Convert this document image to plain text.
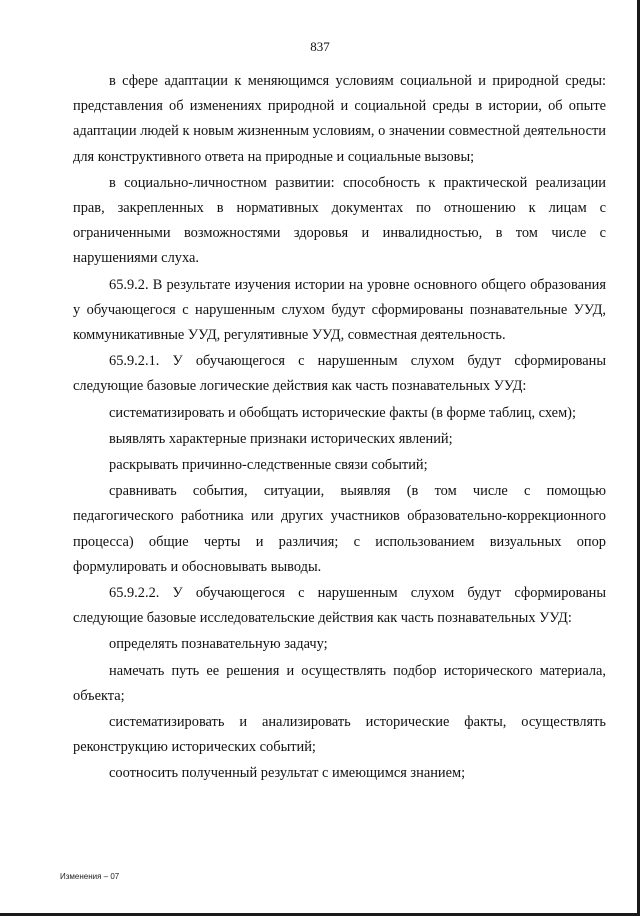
837

в сфере адаптации к меняющимся условиям социальной и природной среды: представления об изменениях природной и социальной среды в истории, об опыте адаптации людей к новым жизненным условиям, о значении совместной деятельности для конструктивного ответа на природные и социальные вызовы;

в социально-личностном развитии: способность к практической реализации прав, закрепленных в нормативных документах по отношению к лицам с ограниченными возможностями здоровья и инвалидностью, в том числе с нарушениями слуха.

65.9.2. В результате изучения истории на уровне основного общего образования у обучающегося с нарушенным слухом будут сформированы познавательные УУД, коммуникативные УУД, регулятивные УУД, совместная деятельность.

65.9.2.1. У обучающегося с нарушенным слухом будут сформированы следующие базовые логические действия как часть познавательных УУД:

систематизировать и обобщать исторические факты (в форме таблиц, схем);

выявлять характерные признаки исторических явлений;

раскрывать причинно-следственные связи событий;

сравнивать события, ситуации, выявляя (в том числе с помощью педагогического работника или других участников образовательно-коррекционного процесса) общие черты и различия; с использованием визуальных опор формулировать и обосновывать выводы.

65.9.2.2. У обучающегося с нарушенным слухом будут сформированы следующие базовые исследовательские действия как часть познавательных УУД:

определять познавательную задачу;

намечать путь ее решения и осуществлять подбор исторического материала, объекта;

систематизировать и анализировать исторические факты, осуществлять реконструкцию исторических событий;

соотносить полученный результат с имеющимся знанием;

Изменения – 07
